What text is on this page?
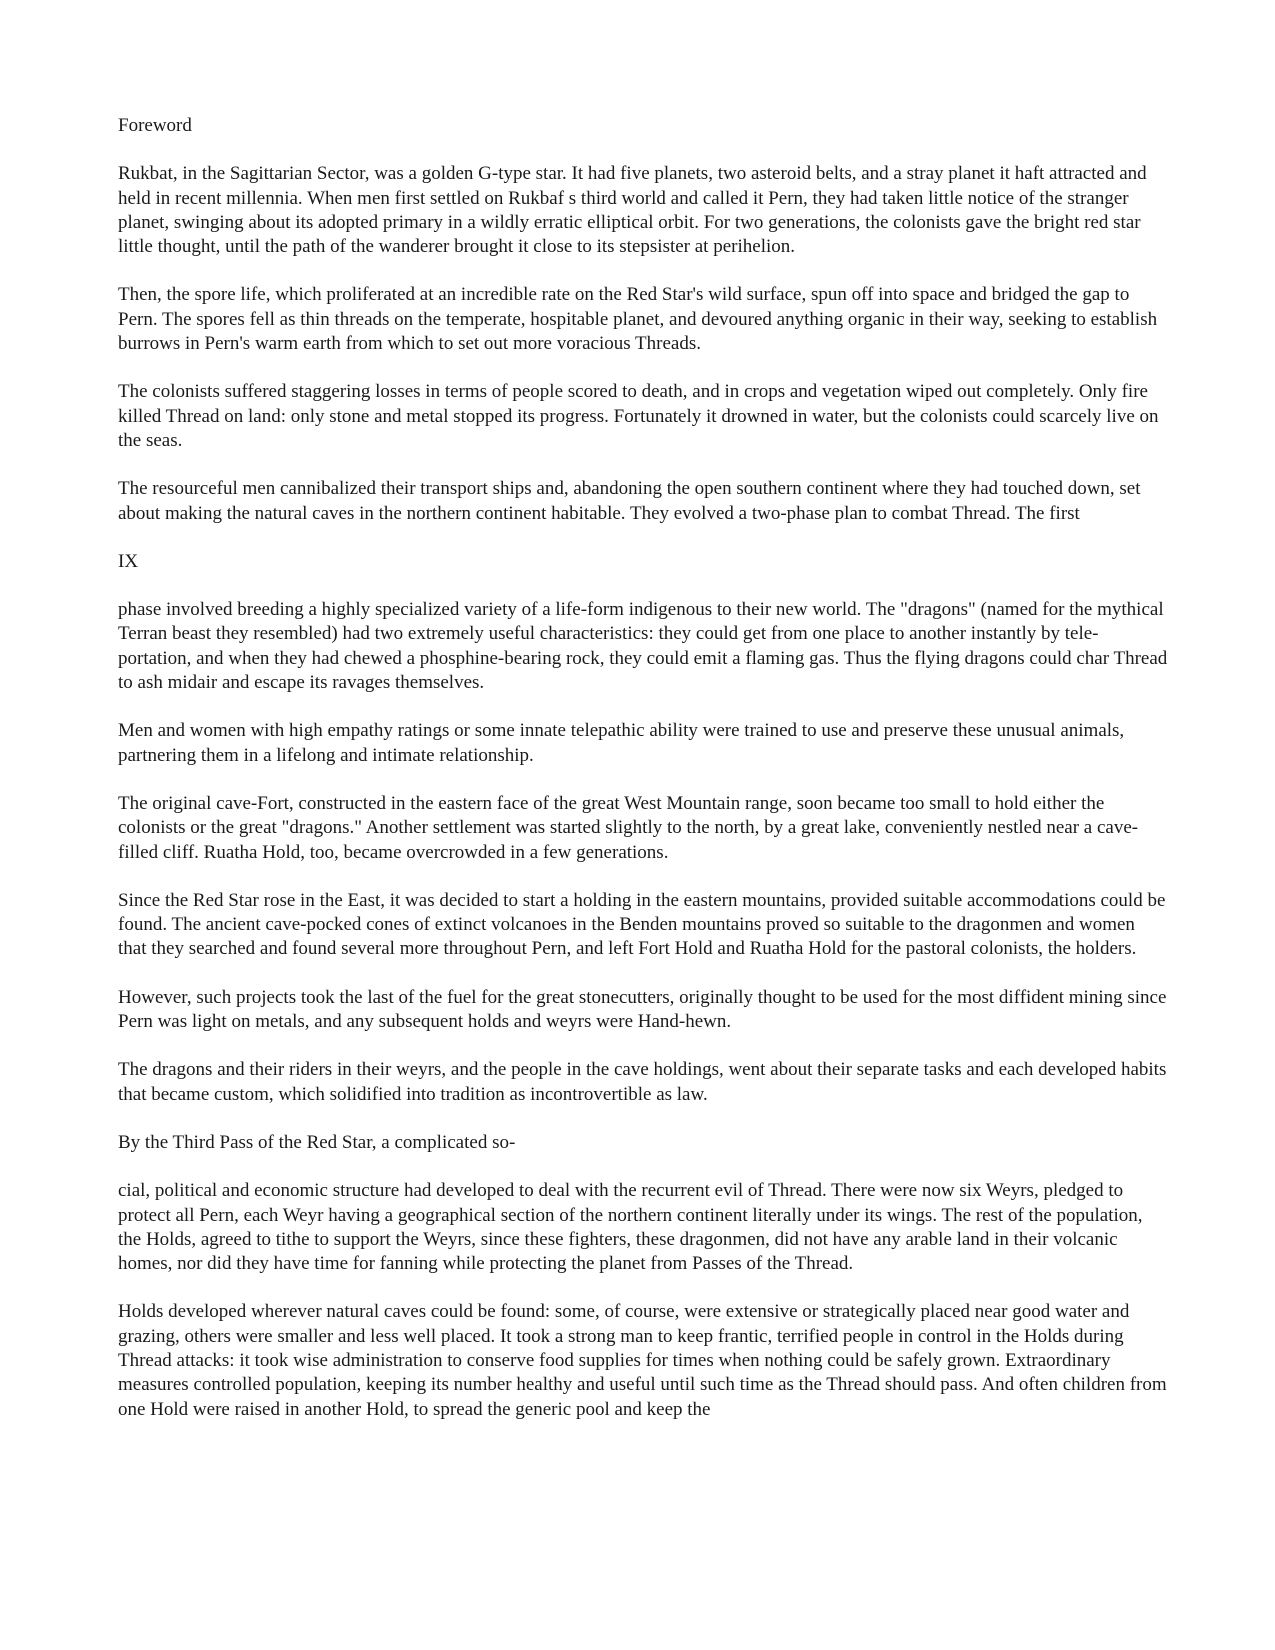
Foreword

Rukbat, in the Sagittarian Sector, was a golden G-type star. It had five planets, two asteroid belts, and a stray planet it haft attracted and held in recent millennia. When men first settled on Rukbaf s third world and called it Pern, they had taken little notice of the stranger planet, swinging about its adopted primary in a wildly erratic elliptical orbit. For two generations, the colonists gave the bright red star little thought, until the path of the wanderer brought it close to its stepsister at perihelion.

Then, the spore life, which proliferated at an incredible rate on the Red Star's wild surface, spun off into space and bridged the gap to Pern. The spores fell as thin threads on the temperate, hospitable planet, and devoured anything organic in their way, seeking to establish burrows in Pern's warm earth from which to set out more voracious Threads.

The colonists suffered staggering losses in terms of people scored to death, and in crops and vegetation wiped out completely. Only fire killed Thread on land: only stone and metal stopped its progress. Fortunately it drowned in water, but the colonists could scarcely live on the seas.

The resourceful men cannibalized their transport ships and, abandoning the open southern continent where they had touched down, set about making the natural caves in the northern continent habitable. They evolved a two-phase plan to combat Thread. The first

IX

phase involved breeding a highly specialized variety of a life-form indigenous to their new world. The "dragons" (named for the mythical Terran beast they resembled) had two extremely useful characteristics: they could get from one place to another instantly by tele-portation, and when they had chewed a phosphine-bearing rock, they could emit a flaming gas. Thus the flying dragons could char Thread to ash midair and escape its ravages themselves.

Men and women with high empathy ratings or some innate telepathic ability were trained to use and preserve these unusual animals, partnering them in a lifelong and intimate relationship.

The original cave-Fort, constructed in the eastern face of the great West Mountain range, soon became too small to hold either the colonists or the great "dragons." Another settlement was started slightly to the north, by a great lake, conveniently nestled near a cave-filled cliff. Ruatha Hold, too, became overcrowded in a few generations.

Since the Red Star rose in the East, it was decided to start a holding in the eastern mountains, provided suitable accommodations could be found. The ancient cave-pocked cones of extinct volcanoes in the Benden mountains proved so suitable to the dragonmen and women that they searched and found several more throughout Pern, and left Fort Hold and Ruatha Hold for the pastoral colonists, the holders.

However, such projects took the last of the fuel for the great stonecutters, originally thought to be used for the most diffident mining since Pern was light on metals, and any subsequent holds and weyrs were Hand-hewn.

The dragons and their riders in their weyrs, and the people in the cave holdings, went about their separate tasks and each developed habits that became custom, which solidified into tradition as incontrovertible as law.

By the Third Pass of the Red Star, a complicated so-

cial, political and economic structure had developed to deal with the recurrent evil of Thread. There were now six Weyrs, pledged to protect all Pern, each Weyr having a geographical section of the northern continent literally under its wings. The rest of the population, the Holds, agreed to tithe to support the Weyrs, since these fighters, these dragonmen, did not have any arable land in their volcanic homes, nor did they have time for fanning while protecting the planet from Passes of the Thread.

Holds developed wherever natural caves could be found: some, of course, were extensive or strategically placed near good water and grazing, others were smaller and less well placed. It took a strong man to keep frantic, terrified people in control in the Holds during Thread attacks: it took wise administration to conserve food supplies for times when nothing could be safely grown. Extraordinary measures controlled population, keeping its number healthy and useful until such time as the Thread should pass. And often children from one Hold were raised in another Hold, to spread the generic pool and keep the
